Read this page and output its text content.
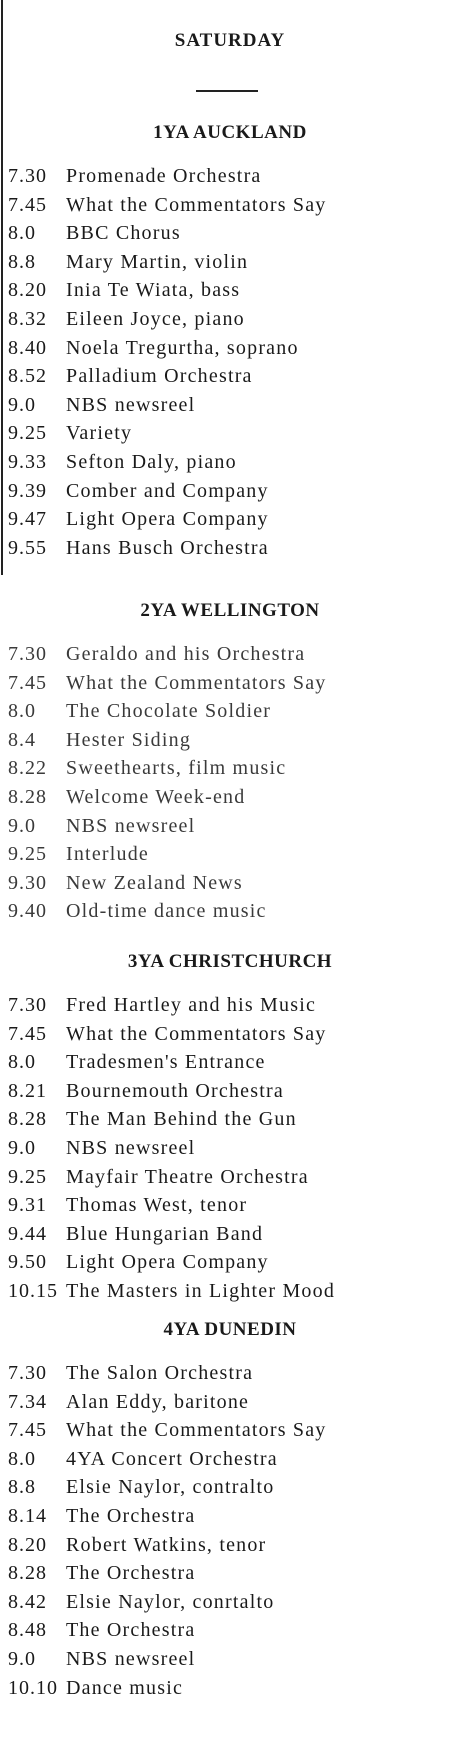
SATURDAY
1YA AUCKLAND
7.30 Promenade Orchestra
7.45 What the Commentators Say
8.0 BBC Chorus
8.8 Mary Martin, violin
8.20 Inia Te Wiata, bass
8.32 Eileen Joyce, piano
8.40 Noela Tregurtha, soprano
8.52 Palladium Orchestra
9.0 NBS newsreel
9.25 Variety
9.33 Sefton Daly, piano
9.39 Comber and Company
9.47 Light Opera Company
9.55 Hans Busch Orchestra
2YA WELLINGTON
7.30 Geraldo and his Orchestra
7.45 What the Commentators Say
8.0 The Chocolate Soldier
8.4 Hester Siding
8.22 Sweethearts, film music
8.28 Welcome Week-end
9.0 NBS newsreel
9.25 Interlude
9.30 New Zealand News
9.40 Old-time dance music
3YA CHRISTCHURCH
7.30 Fred Hartley and his Music
7.45 What the Commentators Say
8.0 Tradesmen's Entrance
8.21 Bournemouth Orchestra
8.28 The Man Behind the Gun
9.0 NBS newsreel
9.25 Mayfair Theatre Orchestra
9.31 Thomas West, tenor
9.44 Blue Hungarian Band
9.50 Light Opera Company
10.15 The Masters in Lighter Mood
4YA DUNEDIN
7.30 The Salon Orchestra
7.34 Alan Eddy, baritone
7.45 What the Commentators Say
8.0 4YA Concert Orchestra
8.8 Elsie Naylor, contralto
8.14 The Orchestra
8.20 Robert Watkins, tenor
8.28 The Orchestra
8.42 Elsie Naylor, conrtalto
8.48 The Orchestra
9.0 NBS newsreel
10.10 Dance music
